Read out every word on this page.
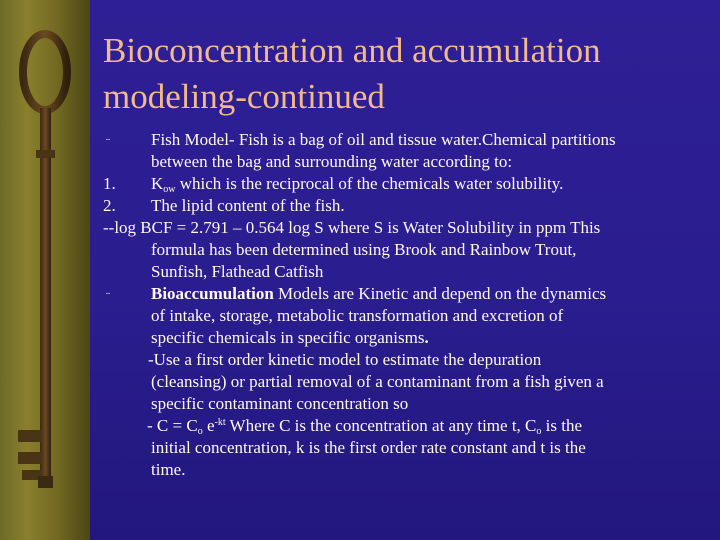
Bioconcentration and accumulation
modeling-continued
¨ Fish Model- Fish is a bag of oil and tissue water.Chemical partitions
between the bag and surrounding water according to:
1. $K_{ow}$ which is the reciprocal of the chemicals water solubility.
2. The lipid content of the fish.
--log BCF = 2.791 – 0.564 log S where S is Water Solubility in ppm This
formula has been determined using Brook and Rainbow Trout,
Sunfish, Flathead Catfish
¨ Bioaccumulation Models are Kinetic and depend on the dynamics
of intake, storage, metabolic transformation and excretion of
specific chemicals in specific organisms.
-Use a first order kinetic model to estimate the depuration
(cleansing) or partial removal of a contaminant from a fish given a
specific contaminant concentration so
- $C = C_o$ $e^{-kt}$ Where C is the concentration at any time t, $C_o$ is the
initial concentration, k is the first order rate constant and t is the
time.
